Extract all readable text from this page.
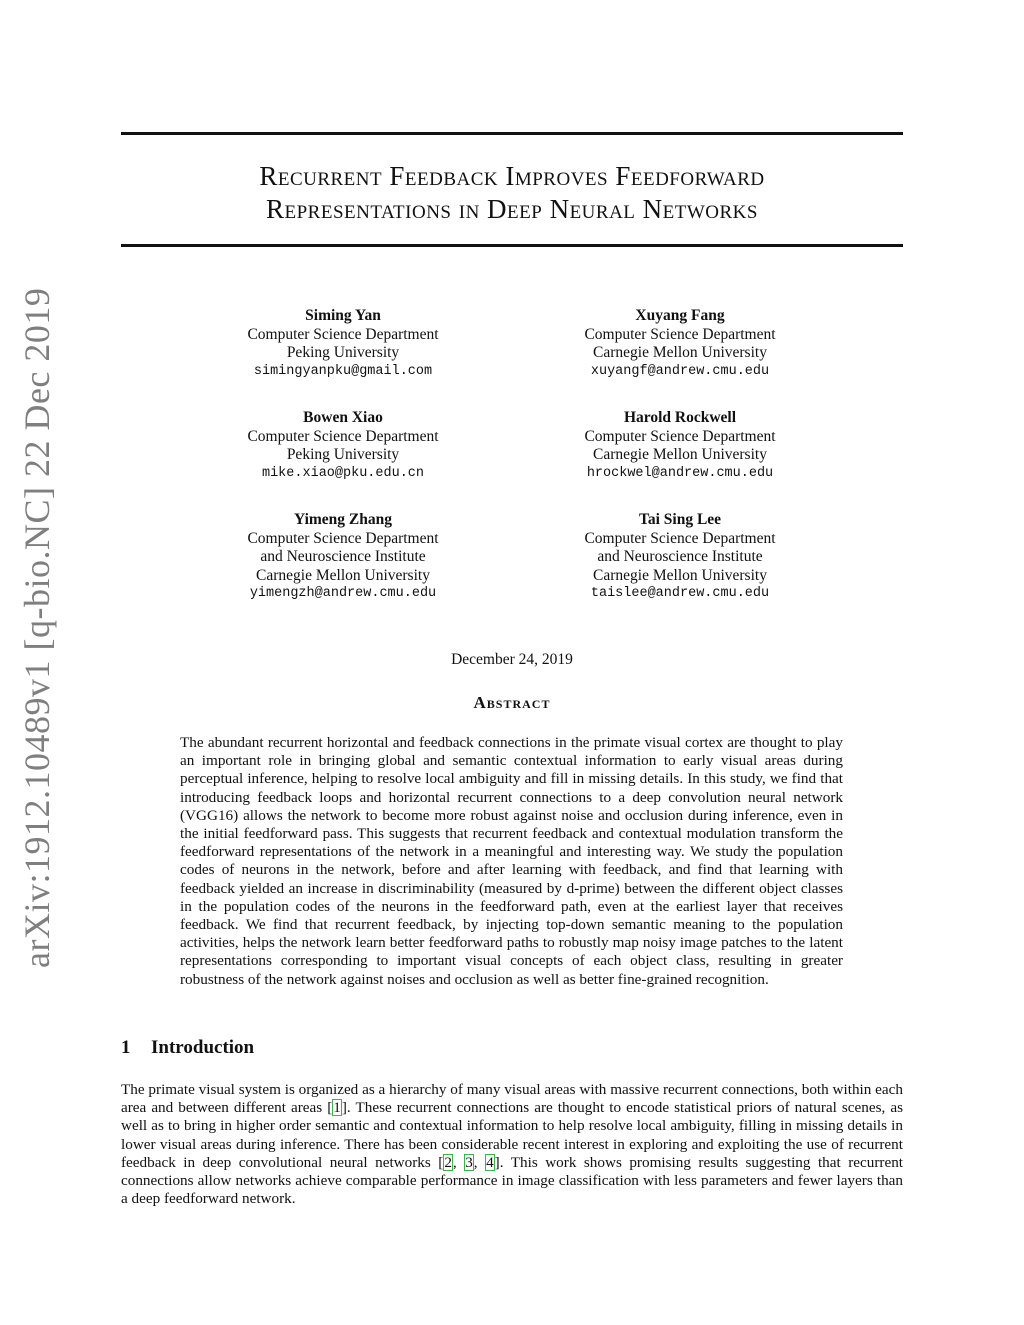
arXiv:1912.10489v1 [q-bio.NC] 22 Dec 2019
Recurrent Feedback Improves Feedforward
Representations in Deep Neural Networks
Siming Yan
Computer Science Department
Peking University
simingyanpku@gmail.com
Xuyang Fang
Computer Science Department
Carnegie Mellon University
xuyangf@andrew.cmu.edu
Bowen Xiao
Computer Science Department
Peking University
mike.xiao@pku.edu.cn
Harold Rockwell
Computer Science Department
Carnegie Mellon University
hrockwel@andrew.cmu.edu
Yimeng Zhang
Computer Science Department
and Neuroscience Institute
Carnegie Mellon University
yimengzh@andrew.cmu.edu
Tai Sing Lee
Computer Science Department
and Neuroscience Institute
Carnegie Mellon University
taislee@andrew.cmu.edu
December 24, 2019
Abstract
The abundant recurrent horizontal and feedback connections in the primate visual cortex are thought to play an important role in bringing global and semantic contextual information to early visual areas during perceptual inference, helping to resolve local ambiguity and fill in missing details. In this study, we find that introducing feedback loops and horizontal recurrent connections to a deep convolution neural network (VGG16) allows the network to become more robust against noise and occlusion during inference, even in the initial feedforward pass. This suggests that recurrent feedback and contextual modulation transform the feedforward representations of the network in a meaningful and interesting way. We study the population codes of neurons in the network, before and after learning with feedback, and find that learning with feedback yielded an increase in discriminability (measured by d-prime) between the different object classes in the population codes of the neurons in the feedforward path, even at the earliest layer that receives feedback. We find that recurrent feedback, by injecting top-down semantic meaning to the population activities, helps the network learn better feedforward paths to robustly map noisy image patches to the latent representations corresponding to important visual concepts of each object class, resulting in greater robustness of the network against noises and occlusion as well as better fine-grained recognition.
1 Introduction
The primate visual system is organized as a hierarchy of many visual areas with massive recurrent connections, both within each area and between different areas [1]. These recurrent connections are thought to encode statistical priors of natural scenes, as well as to bring in higher order semantic and contextual information to help resolve local ambiguity, filling in missing details in lower visual areas during inference. There has been considerable recent interest in exploring and exploiting the use of recurrent feedback in deep convolutional neural networks [2, 3, 4]. This work shows promising results suggesting that recurrent connections allow networks achieve comparable performance in image classification with less parameters and fewer layers than a deep feedforward network.
